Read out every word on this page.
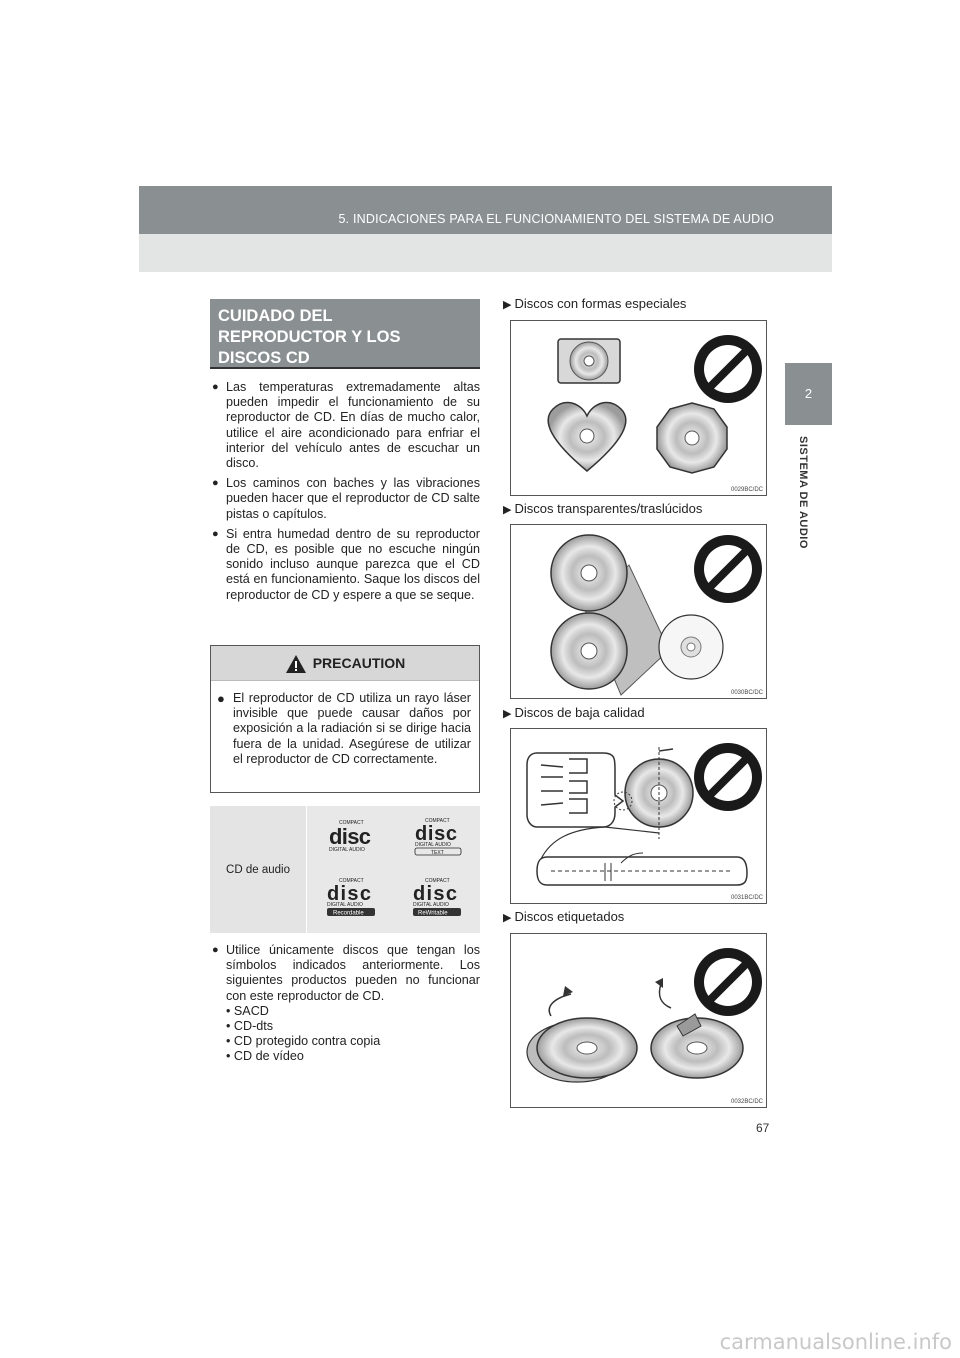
5. INDICACIONES PARA EL FUNCIONAMIENTO DEL SISTEMA DE AUDIO
2
SISTEMA DE AUDIO
CUIDADO DEL
REPRODUCTOR Y LOS
DISCOS CD
● Las temperaturas extremadamente altas pueden impedir el funcionamiento de su reproductor de CD. En días de mucho calor, utilice el aire acondicionado para enfriar el interior del vehículo antes de escuchar un disco.
● Los caminos con baches y las vibraciones pueden hacer que el reproductor de CD salte pistas o capítulos.
● Si entra humedad dentro de su reproductor de CD, es posible que no escuche ningún sonido incluso aunque parezca que el CD está en funcionamiento. Saque los discos del reproductor de CD y espere a que se seque.
PRECAUTION
● El reproductor de CD utiliza un rayo láser invisible que puede causar daños por exposición a la radiación si se dirige hacia fuera de la unidad. Asegúrese de utilizar el reproductor de CD correctamente.
CD de audio
COMPACT
disc
DIGITAL AUDIO
COMPACT
disc
DIGITAL AUDIO
TEXT
COMPACT
disc
DIGITAL AUDIO
Recordable
COMPACT
disc
DIGITAL AUDIO
ReWritable
● Utilice únicamente discos que tengan los símbolos indicados anteriormente. Los siguientes productos pueden no funcionar con este reproductor de CD.
• SACD
• CD-dts
• CD protegido contra copia
• CD de vídeo
▶ Discos con formas especiales
0029BC/DC
▶ Discos transparentes/traslúcidos
0030BC/DC
▶ Discos de baja calidad
0031BC/DC
▶ Discos etiquetados
0032BC/DC
67
carmanualsonline.info
